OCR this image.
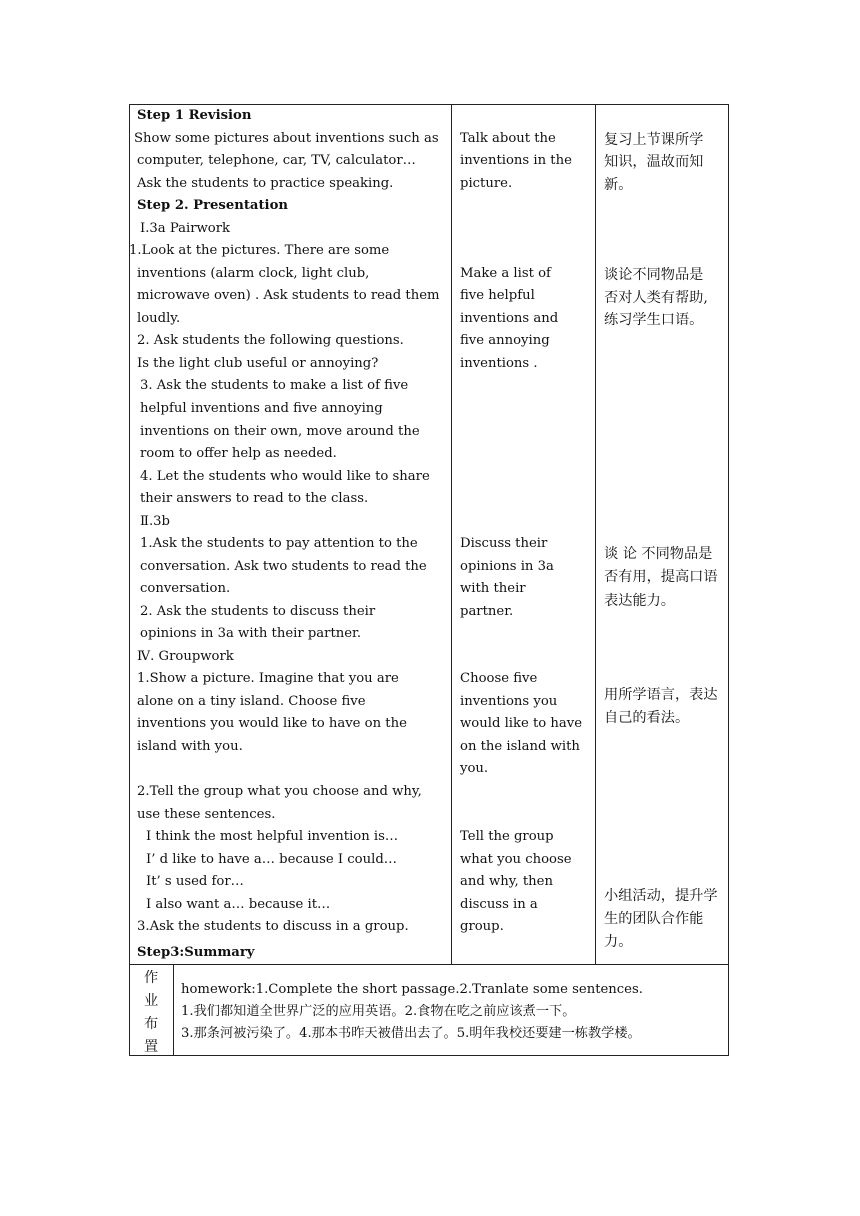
Step 1 Revision
Show some pictures about inventions such as
computer, telephone, car, TV, calculator…
Ask the students to practice speaking.
Step 2. Presentation
Ⅰ.3a Pairwork
1.Look at the pictures. There are some
inventions (alarm clock, light club,
microwave oven) . Ask students to read them
loudly.
2. Ask students the following questions.
Is the light club useful or annoying?
3. Ask the students to make a list of five
helpful inventions and five annoying
inventions on their own, move around the
room to offer help as needed.
4. Let the students who would like to share
their answers to read to the class.
Ⅱ.3b
1.Ask the students to pay attention to the
conversation. Ask two students to read the
conversation.
2. Ask the students to discuss their
opinions in 3a with their partner.
Ⅳ. Groupwork
1.Show a picture. Imagine that you are
alone on a tiny island. Choose five
inventions you would like to have on the
island with you.
2.Tell the group what you choose and why,
use these sentences.
I think the most helpful invention is…
I’ d like to have a… because I could…
It’ s used for…
I also want a… because it…
3.Ask the students to discuss in a group.
Step3:Summary
Talk about the
inventions in the
picture.
Make a list of
five helpful
inventions and
five annoying
inventions .
Discuss their
opinions in 3a
with their
partner.
Choose five
inventions you
would like to have
on the island with
you.
Tell the group
what you choose
and why, then
discuss in a
group.
复习上节课所学
知识，温故而知
新。
谈论不同物品是
否对人类有帮助,
练习学生口语。
谈 论 不同物品是
否有用，提高口语
表达能力。
用所学语言，表达
自己的看法。
小组活动，提升学
生的团队合作能
力。
作
业
布
置
homework:1.Complete the short passage.2.Tranlate some sentences.
1.我们都知道全世界广泛的应用英语。2.食物在吃之前应该煮一下。
3.那条河被污染了。4.那本书昨天被借出去了。5.明年我校还要建一栋教学楼。
